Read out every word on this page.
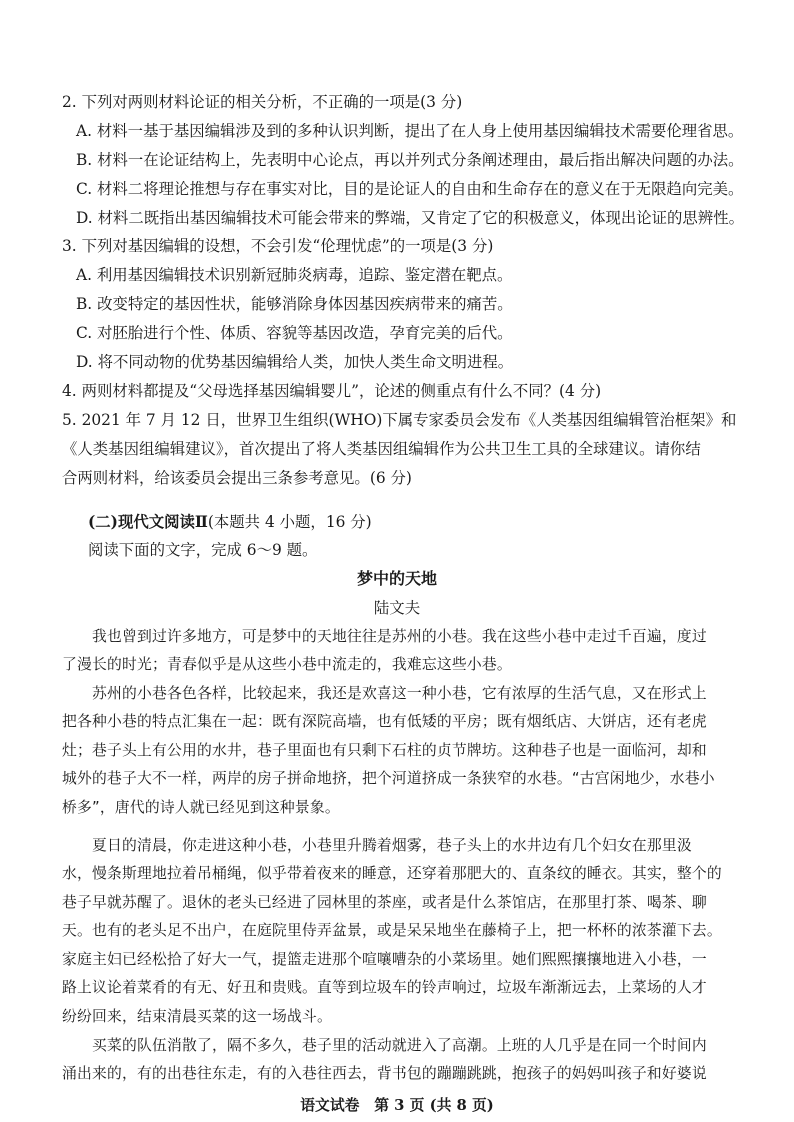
2. 下列对两则材料论证的相关分析，不正确的一项是(3 分)
A. 材料一基于基因编辑涉及到的多种认识判断，提出了在人身上使用基因编辑技术需要伦理省思。
B. 材料一在论证结构上，先表明中心论点，再以并列式分条阐述理由，最后指出解决问题的办法。
C. 材料二将理论推想与存在事实对比，目的是论证人的自由和生命存在的意义在于无限趋向完美。
D. 材料二既指出基因编辑技术可能会带来的弊端，又肯定了它的积极意义，体现出论证的思辨性。
3. 下列对基因编辑的设想，不会引发“伦理忧虑”的一项是(3 分)
A. 利用基因编辑技术识别新冠肺炎病毒，追踪、鉴定潜在靶点。
B. 改变特定的基因性状，能够消除身体因基因疾病带来的痛苦。
C. 对胚胎进行个性、体质、容貌等基因改造，孕育完美的后代。
D. 将不同动物的优势基因编辑给人类，加快人类生命文明进程。
4. 两则材料都提及“父母选择基因编辑婴儿”，论述的侧重点有什么不同？(4 分)
5. 2021 年 7 月 12 日，世界卫生组织(WHO)下属专家委员会发布《人类基因组编辑管治框架》和
《人类基因组编辑建议》，首次提出了将人类基因组编辑作为公共卫生工具的全球建议。请你结
合两则材料，给该委员会提出三条参考意见。(6 分)
(二)现代文阅读Ⅱ(本题共 4 小题，16 分)
阅读下面的文字，完成 6～9 题。
梦中的天地
陆文夫
　　我也曾到过许多地方，可是梦中的天地往往是苏州的小巷。我在这些小巷中走过千百遍，度过
了漫长的时光；青春似乎是从这些小巷中流走的，我难忘这些小巷。
　　苏州的小巷各色各样，比较起来，我还是欢喜这一种小巷，它有浓厚的生活气息，又在形式上
把各种小巷的特点汇集在一起：既有深院高墙，也有低矮的平房；既有烟纸店、大饼店，还有老虎
灶；巷子头上有公用的水井，巷子里面也有只剩下石柱的贞节牌坊。这种巷子也是一面临河，却和
城外的巷子大不一样，两岸的房子拼命地挤，把个河道挤成一条狭窄的水巷。“古宫闲地少，水巷小
桥多”，唐代的诗人就已经见到这种景象。
　　夏日的清晨，你走进这种小巷，小巷里升腾着烟雾，巷子头上的水井边有几个妇女在那里汲
水，慢条斯理地拉着吊桶绳，似乎带着夜来的睡意，还穿着那肥大的、直条纹的睡衣。其实，整个的
巷子早就苏醒了。退休的老头已经进了园林里的茶座，或者是什么茶馆店，在那里打茶、喝茶、聊
天。也有的老头足不出户，在庭院里侍弄盆景，或是呆呆地坐在藤椅子上，把一杯杯的浓茶灌下去。
家庭主妇已经松拾了好大一气，提篮走进那个喧嚷嘈杂的小菜场里。她们熙熙攘攘地进入小巷，一
路上议论着菜肴的有无、好丑和贵贱。直等到垃圾车的铃声响过，垃圾车渐渐远去，上菜场的人才
纷纷回来，结束清晨买菜的这一场战斗。
　　买菜的队伍消散了，隔不多久，巷子里的活动就进入了高潮。上班的人几乎是在同一个时间内
涌出来的，有的出巷往东走，有的入巷往西去，背书包的蹦蹦跳跳，抱孩子的妈妈叫孩子和好婆说
语文试卷　第 3 页 (共 8 页)
